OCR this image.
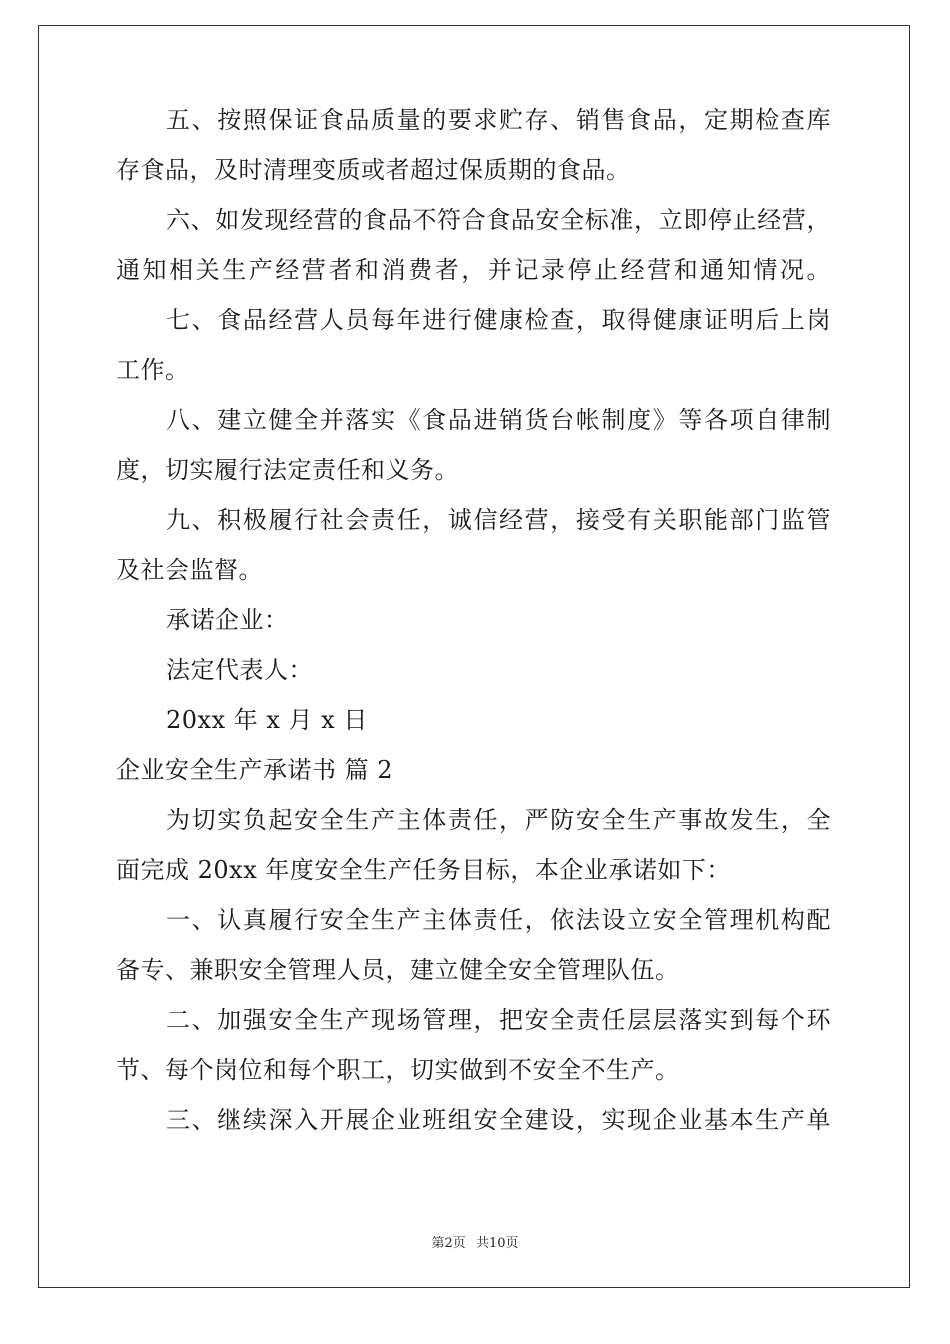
五、按照保证食品质量的要求贮存、销售食品，定期检查库
存食品，及时清理变质或者超过保质期的食品。
六、如发现经营的食品不符合食品安全标准，立即停止经营，
通知相关生产经营者和消费者，并记录停止经营和通知情况。
七、食品经营人员每年进行健康检查，取得健康证明后上岗
工作。
八、建立健全并落实《食品进销货台帐制度》等各项自律制
度，切实履行法定责任和义务。
九、积极履行社会责任，诚信经营，接受有关职能部门监管
及社会监督。
承诺企业：
法定代表人：
20xx 年 x 月 x 日
企业安全生产承诺书 篇 2
为切实负起安全生产主体责任，严防安全生产事故发生，全
面完成 20xx 年度安全生产任务目标，本企业承诺如下：
一、认真履行安全生产主体责任，依法设立安全管理机构配
备专、兼职安全管理人员，建立健全安全管理队伍。
二、加强安全生产现场管理，把安全责任层层落实到每个环
节、每个岗位和每个职工，切实做到不安全不生产。
三、继续深入开展企业班组安全建设，实现企业基本生产单
第2页 共10页
